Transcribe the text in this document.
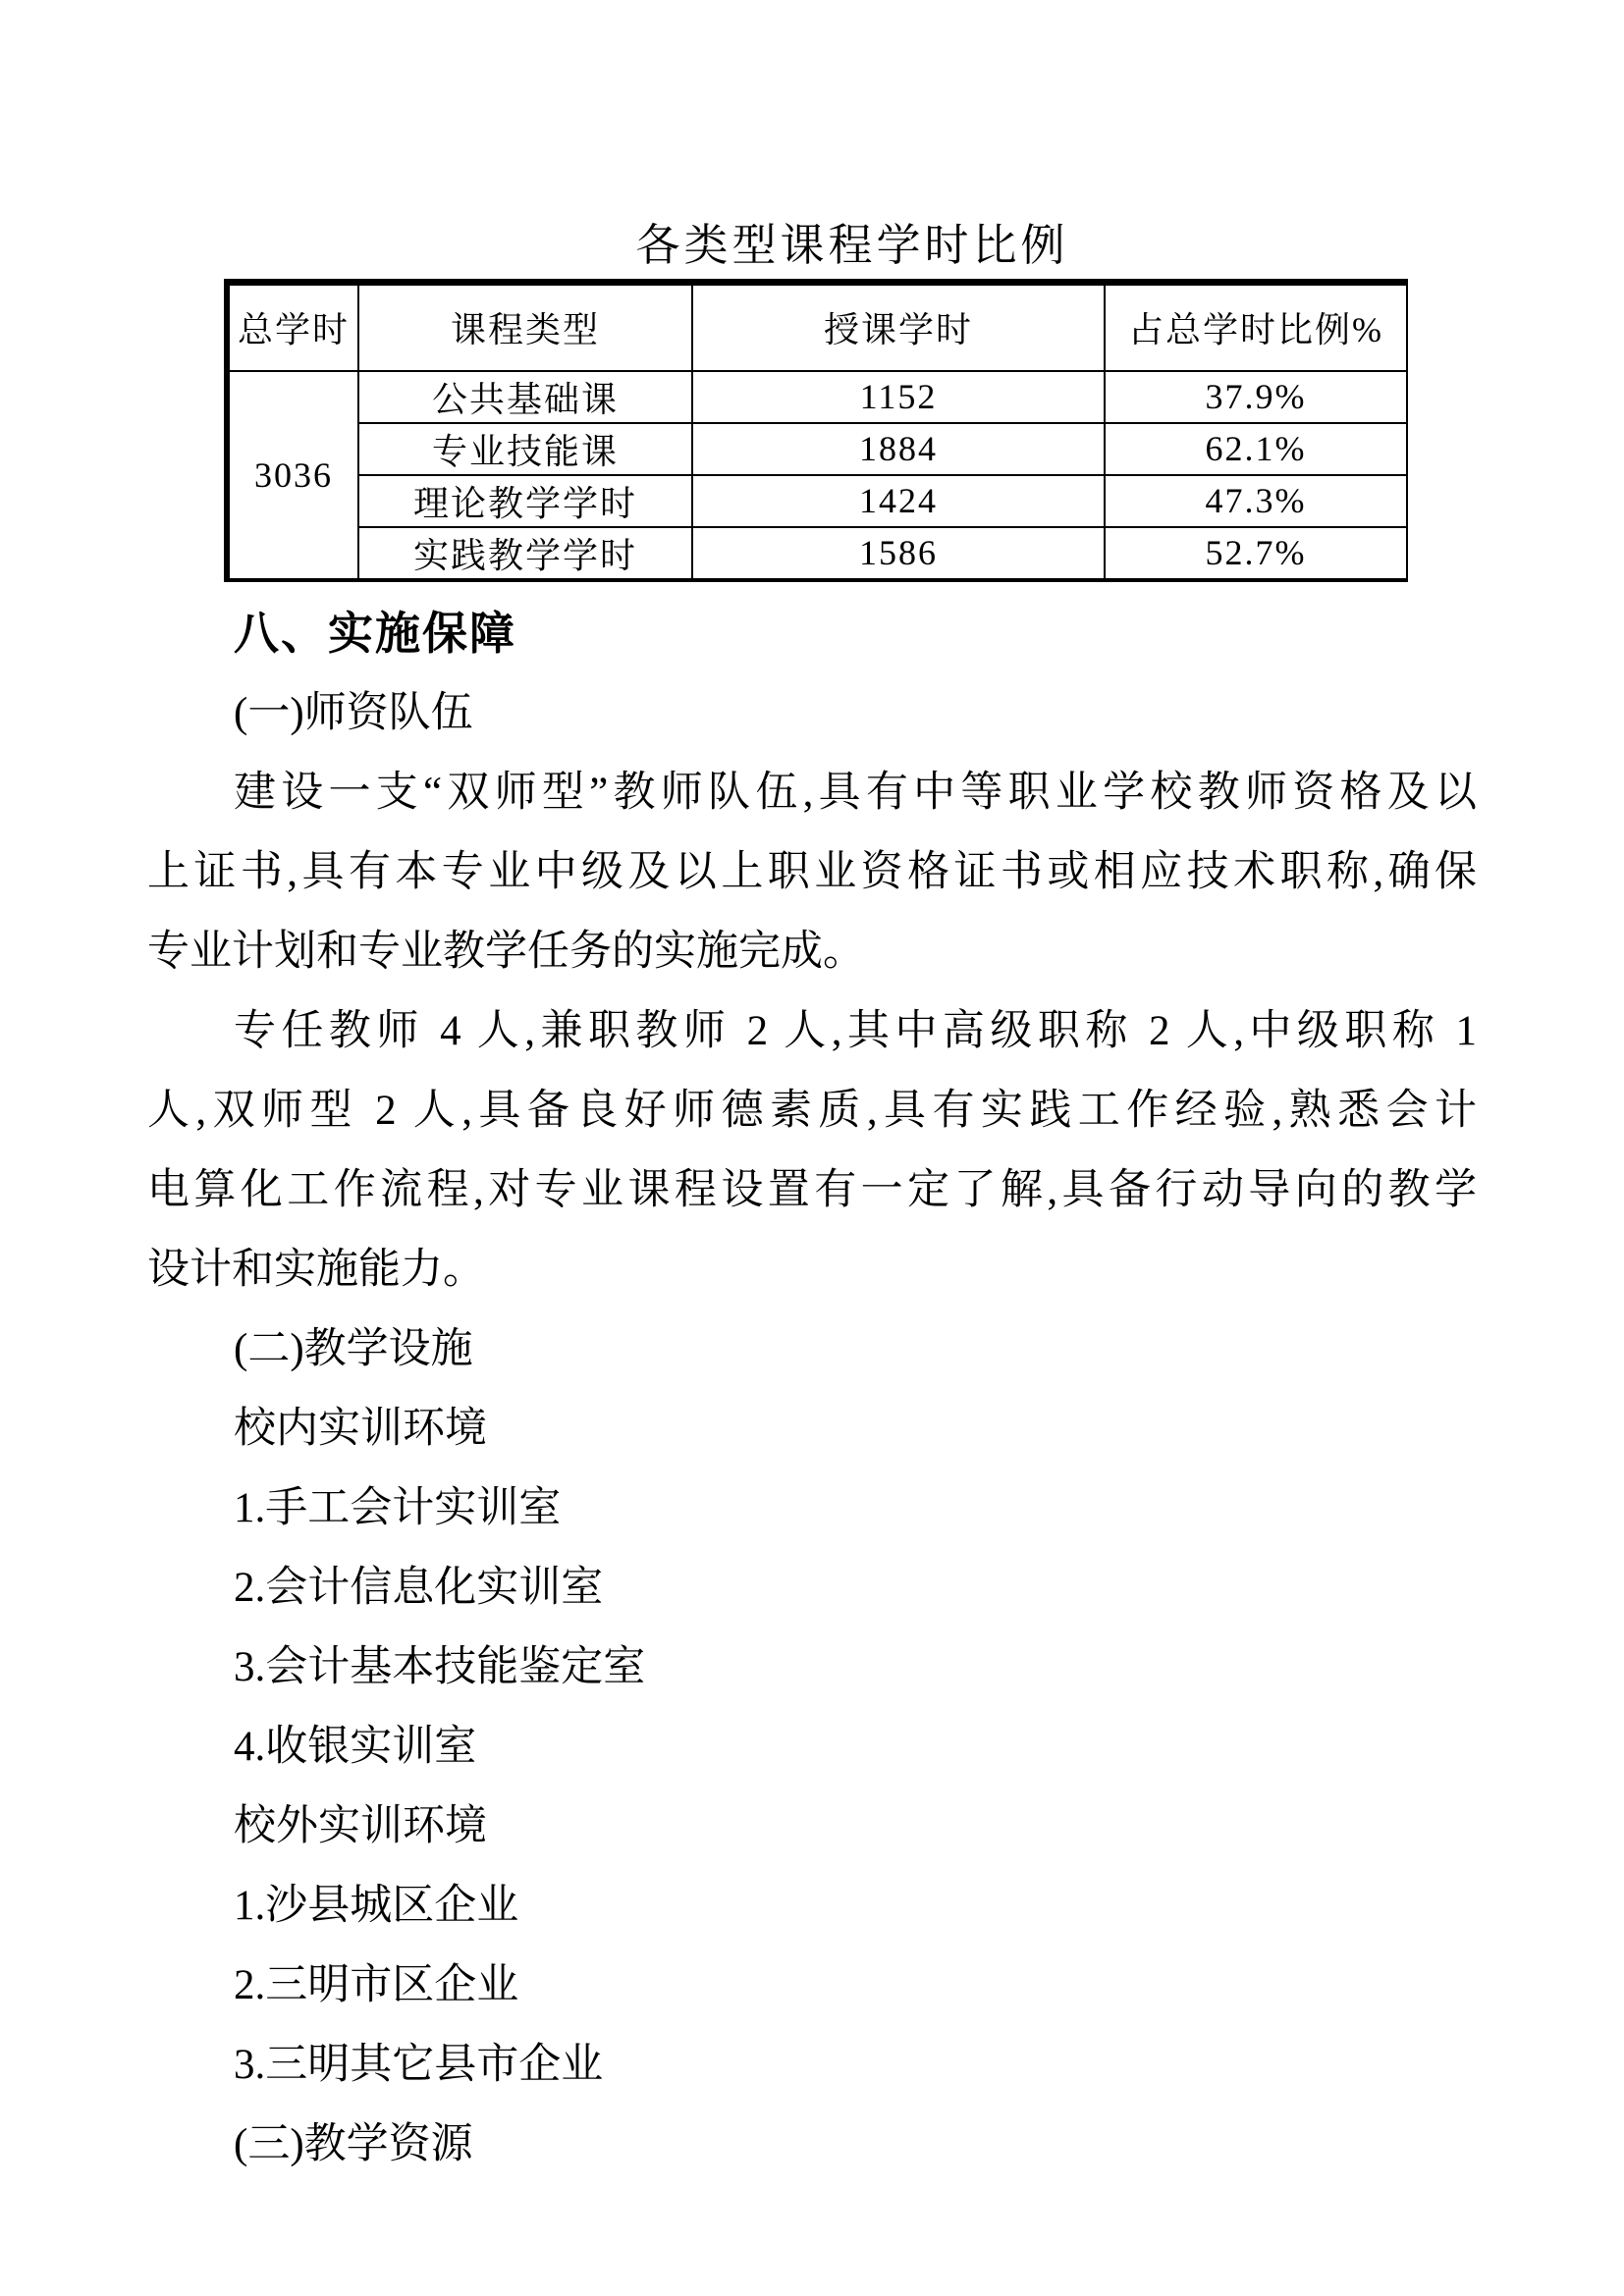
各类型课程学时比例
总学时	课程类型	授课学时	占总学时比例%
3036	公共基础课	1152	37.9%
	专业技能课	1884	62.1%
	理论教学学时	1424	47.3%
	实践教学学时	1586	52.7%
八、实施保障
(一)师资队伍
建设一支“双师型”教师队伍,具有中等职业学校教师资格及以
上证书,具有本专业中级及以上职业资格证书或相应技术职称,确保
专业计划和专业教学任务的实施完成。
专任教师 4 人,兼职教师 2 人,其中高级职称 2 人,中级职称 1
人,双师型 2 人,具备良好师德素质,具有实践工作经验,熟悉会计
电算化工作流程,对专业课程设置有一定了解,具备行动导向的教学
设计和实施能力。
(二)教学设施
校内实训环境
1.手工会计实训室
2.会计信息化实训室
3.会计基本技能鉴定室
4.收银实训室
校外实训环境
1.沙县城区企业
2.三明市区企业
3.三明其它县市企业
(三)教学资源
